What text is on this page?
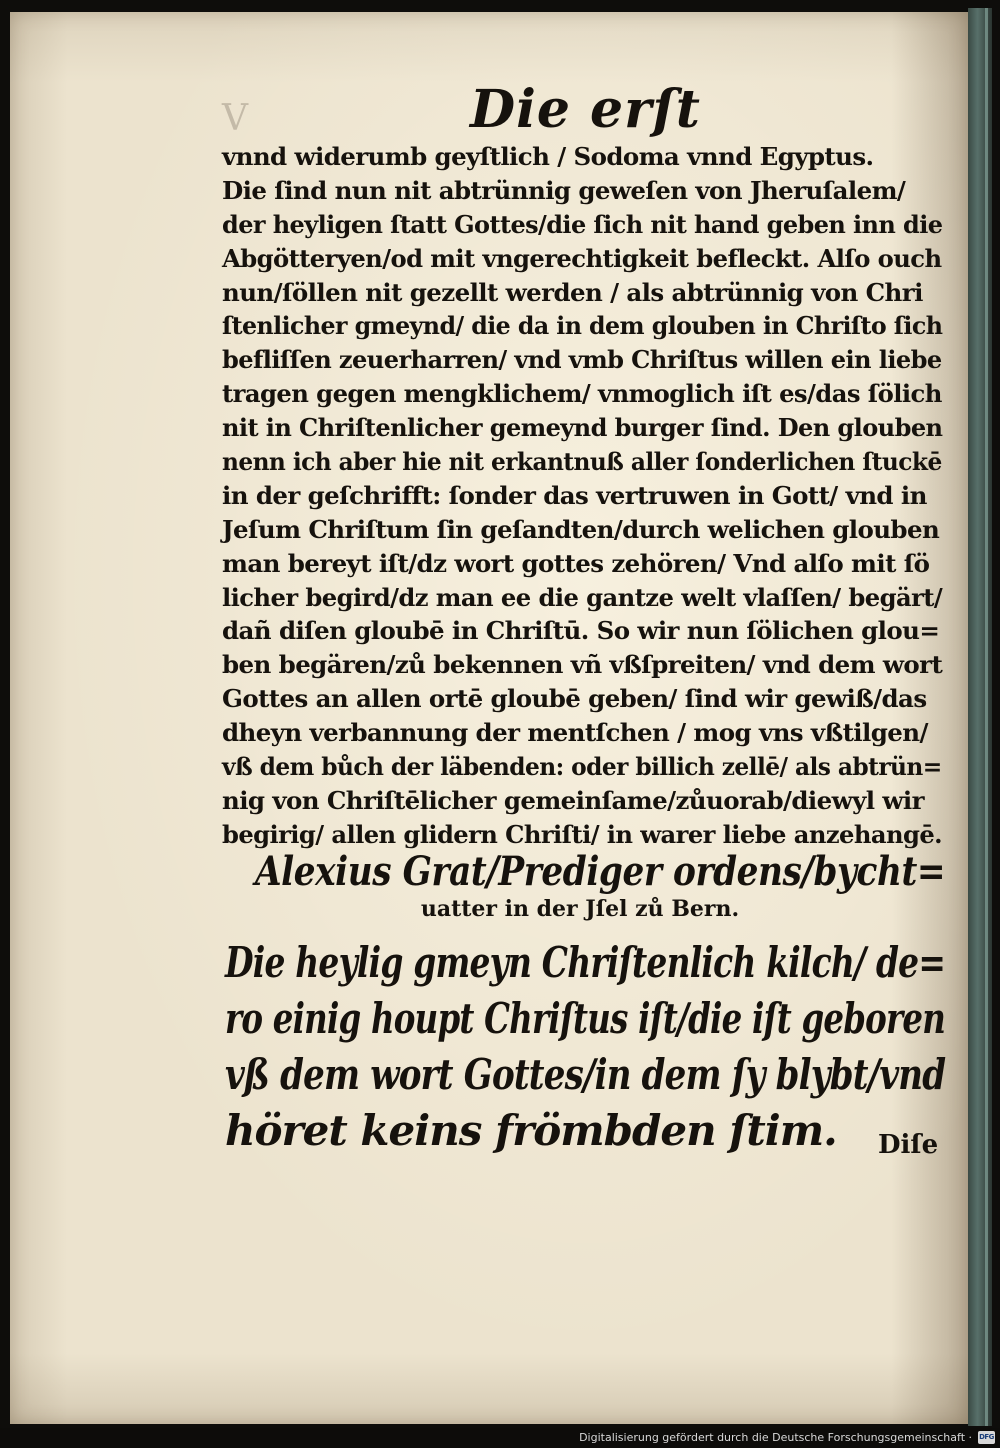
V	Die erſt
vnnd widerumb geyſtlich / Sodoma vnnd Egyptus.
Die ſind nun nit abtrünnig geweſen von Jheruſalem/
der heyligen ſtatt Gottes/die ſich nit hand geben inn die
Abgötteryen/od mit vngerechtigkeit befleckt. Alſo ouch
nun/ſöllen nit gezellt werden / als abtrünnig von Chri
ſtenlicher gmeynd/ die da in dem glouben in Chriſto ſich
befliſſen zeuerharren/ vnd vmb Chriſtus willen ein liebe
tragen gegen mengklichem/ vnmoglich iſt es/das ſölich
nit in Chriſtenlicher gemeynd burger ſind. Den glouben
nenn ich aber hie nit erkantnuß aller ſonderlichen ſtuckē
in der geſchrifft: ſonder das vertruwen in Gott/ vnd in
Jeſum Chriſtum ſin geſandten/durch welichen glouben
man bereyt iſt/dz wort gottes zehören/ Vnd alſo mit ſö
licher begird/dz man ee die gantze welt vlaſſen/ begärt/
dañ diſen gloubē in Chriſtū. So wir nun ſölichen glou=
ben begären/zů bekennen vñ vßſpreiten/ vnd dem wort
Gottes an allen ortē gloubē geben/ ſind wir gewiß/das
dheyn verbannung der mentſchen / mog vns vßtilgen/
vß dem bůch der läbenden: oder billich zellē/ als abtrün=
nig von Chriſtēlicher gemeinſame/zůuorab/diewyl wir
begirig/ allen glidern Chriſti/ in warer liebe anzehangē.
Alexius Grat/Prediger ordens/bycht=
uatter in der Jſel zů Bern.
Die heylig gmeyn Chriſtenlich kilch/ de=
ro einig houpt Chriſtus iſt/die iſt geboren
vß dem wort Gottes/in dem ſy blybt/vnd
höret keins frömbden ſtim.	Diſe
Digitalisierung gefördert durch die Deutsche Forschungsgemeinschaft · DFG
